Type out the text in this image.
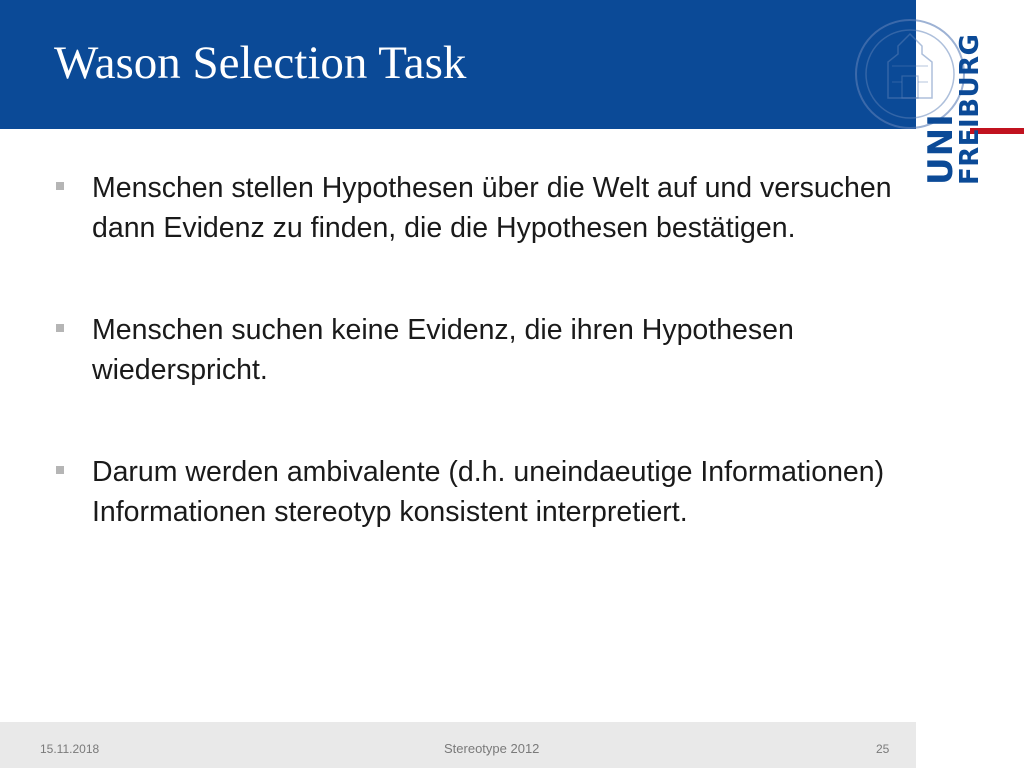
Wason Selection Task
UNI
FREIBURG
Menschen stellen Hypothesen über die Welt auf und versuchen dann Evidenz zu finden, die die Hypothesen bestätigen.
Menschen suchen keine Evidenz, die ihren Hypothesen wiederspricht.
Darum werden ambivalente (d.h. uneindaeutige Informationen) Informationen stereotyp konsistent interpretiert.
15.11.2018	Stereotype 2012	25
